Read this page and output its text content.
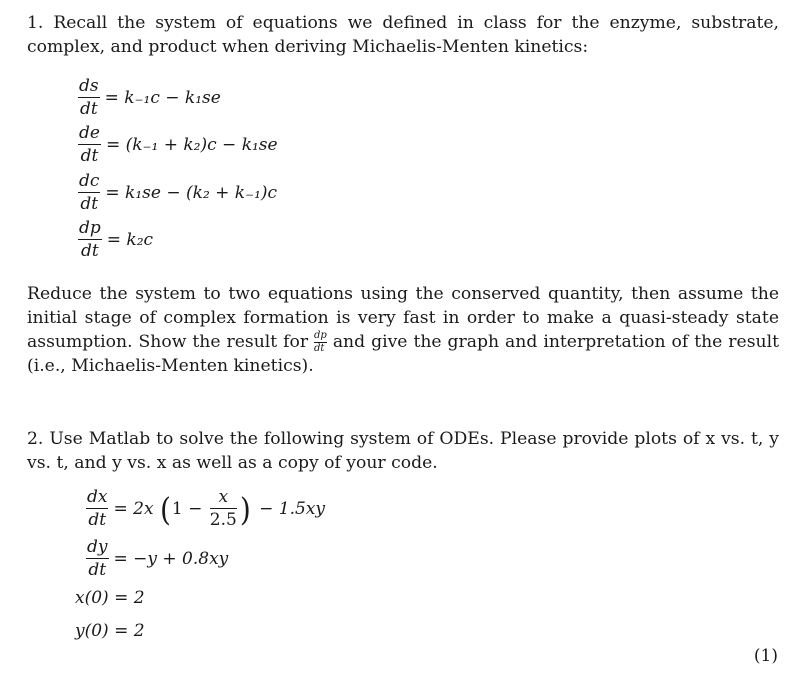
1. Recall the system of equations we defined in class for the enzyme, substrate, complex, and product when deriving Michaelis-Menten kinetics:
$\frac{ds}{dt} = k_{-1}c - k_1se$
$\frac{de}{dt} = (k_{-1} + k_2)c - k_1se$
$\frac{dc}{dt} = k_1se - (k_2 + k_{-1})c$
$\frac{dp}{dt} = k_2c$
Reduce the system to two equations using the conserved quantity, then assume the initial stage of complex formation is very fast in order to make a quasi-steady state assumption. Show the result for $\frac{dp}{dt}$ and give the graph and interpretation of the result (i.e., Michaelis-Menten kinetics).
2. Use Matlab to solve the following system of ODEs. Please provide plots of x vs. t, y vs. t, and y vs. x as well as a copy of your code.
$\frac{dx}{dt} = 2x$ ($1 - \frac{x}{2.5}$ ) − 1.5xy
$\frac{dy}{dt} = -y + 0.8xy$
x(0) = 2
y(0) = 2
(1)
